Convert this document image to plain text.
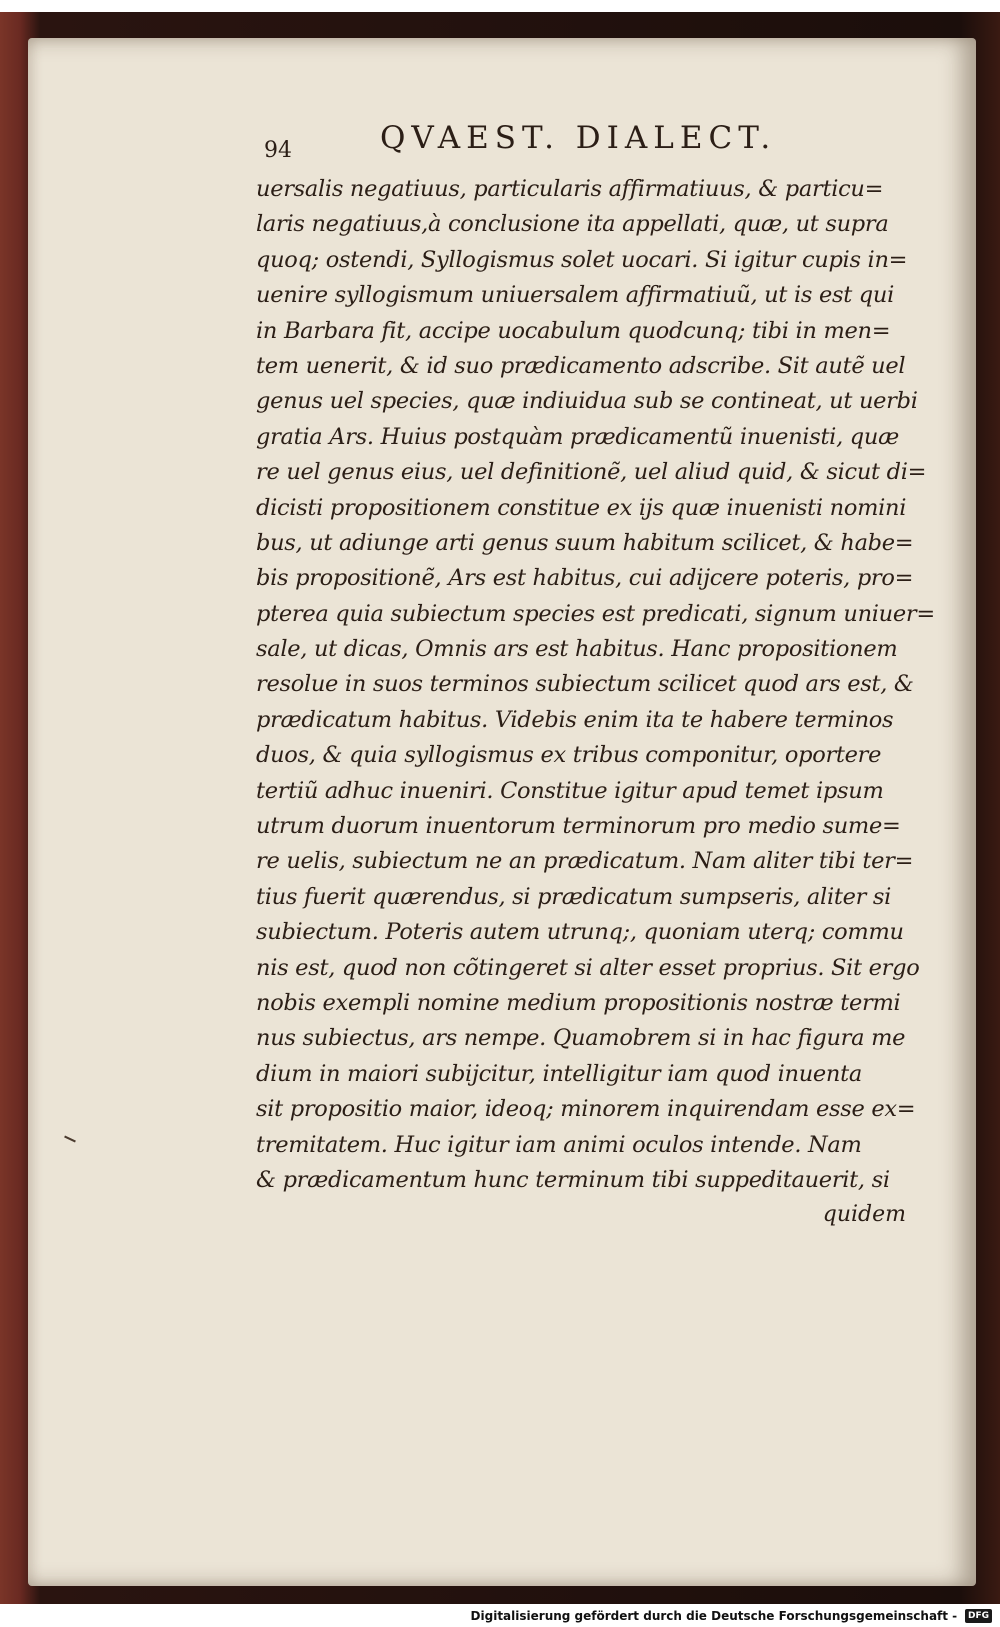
94	QVAEST. DIALECT.
uersalis negatiuus, particularis affirmatiuus, & particu=
laris negatiuus,à conclusione ita appellati, quæ, ut supra
quoq; ostendi, Syllogismus solet uocari. Si igitur cupis in=
uenire syllogismum uniuersalem affirmatiuũ, ut is est qui
in Barbara fit, accipe uocabulum quodcunq; tibi in men=
tem uenerit, & id suo prædicamento adscribe. Sit autẽ uel
genus uel species, quæ indiuidua sub se contineat, ut uerbi
gratia Ars. Huius postquàm prædicamentũ inuenisti, quæ
re uel genus eius, uel definitionẽ, uel aliud quid, & sicut di=
dicisti propositionem constitue ex ijs quæ inuenisti nomini
bus, ut adiunge arti genus suum habitum scilicet, & habe=
bis propositionẽ, Ars est habitus, cui adijcere poteris, pro=
pterea quia subiectum species est predicati, signum uniuer=
sale, ut dicas, Omnis ars est habitus. Hanc propositionem
resolue in suos terminos subiectum scilicet quod ars est, &
prædicatum habitus. Videbis enim ita te habere terminos
duos, & quia syllogismus ex tribus componitur, oportere
tertiũ adhuc inueniri. Constitue igitur apud temet ipsum
utrum duorum inuentorum terminorum pro medio sume=
re uelis, subiectum ne an prædicatum. Nam aliter tibi ter=
tius fuerit quærendus, si prædicatum sumpseris, aliter si
subiectum. Poteris autem utrunq;, quoniam uterq; commu
nis est, quod non cõtingeret si alter esset proprius. Sit ergo
nobis exempli nomine medium propositionis nostræ termi
nus subiectus, ars nempe. Quamobrem si in hac figura me
dium in maiori subijcitur, intelligitur iam quod inuenta
sit propositio maior, ideoq; minorem inquirendam esse ex=
tremitatem. Huc igitur iam animi oculos intende. Nam
& prædicamentum hunc terminum tibi suppeditauerit, si
quidem
Digitalisierung gefördert durch die Deutsche Forschungsgemeinschaft - DFG
